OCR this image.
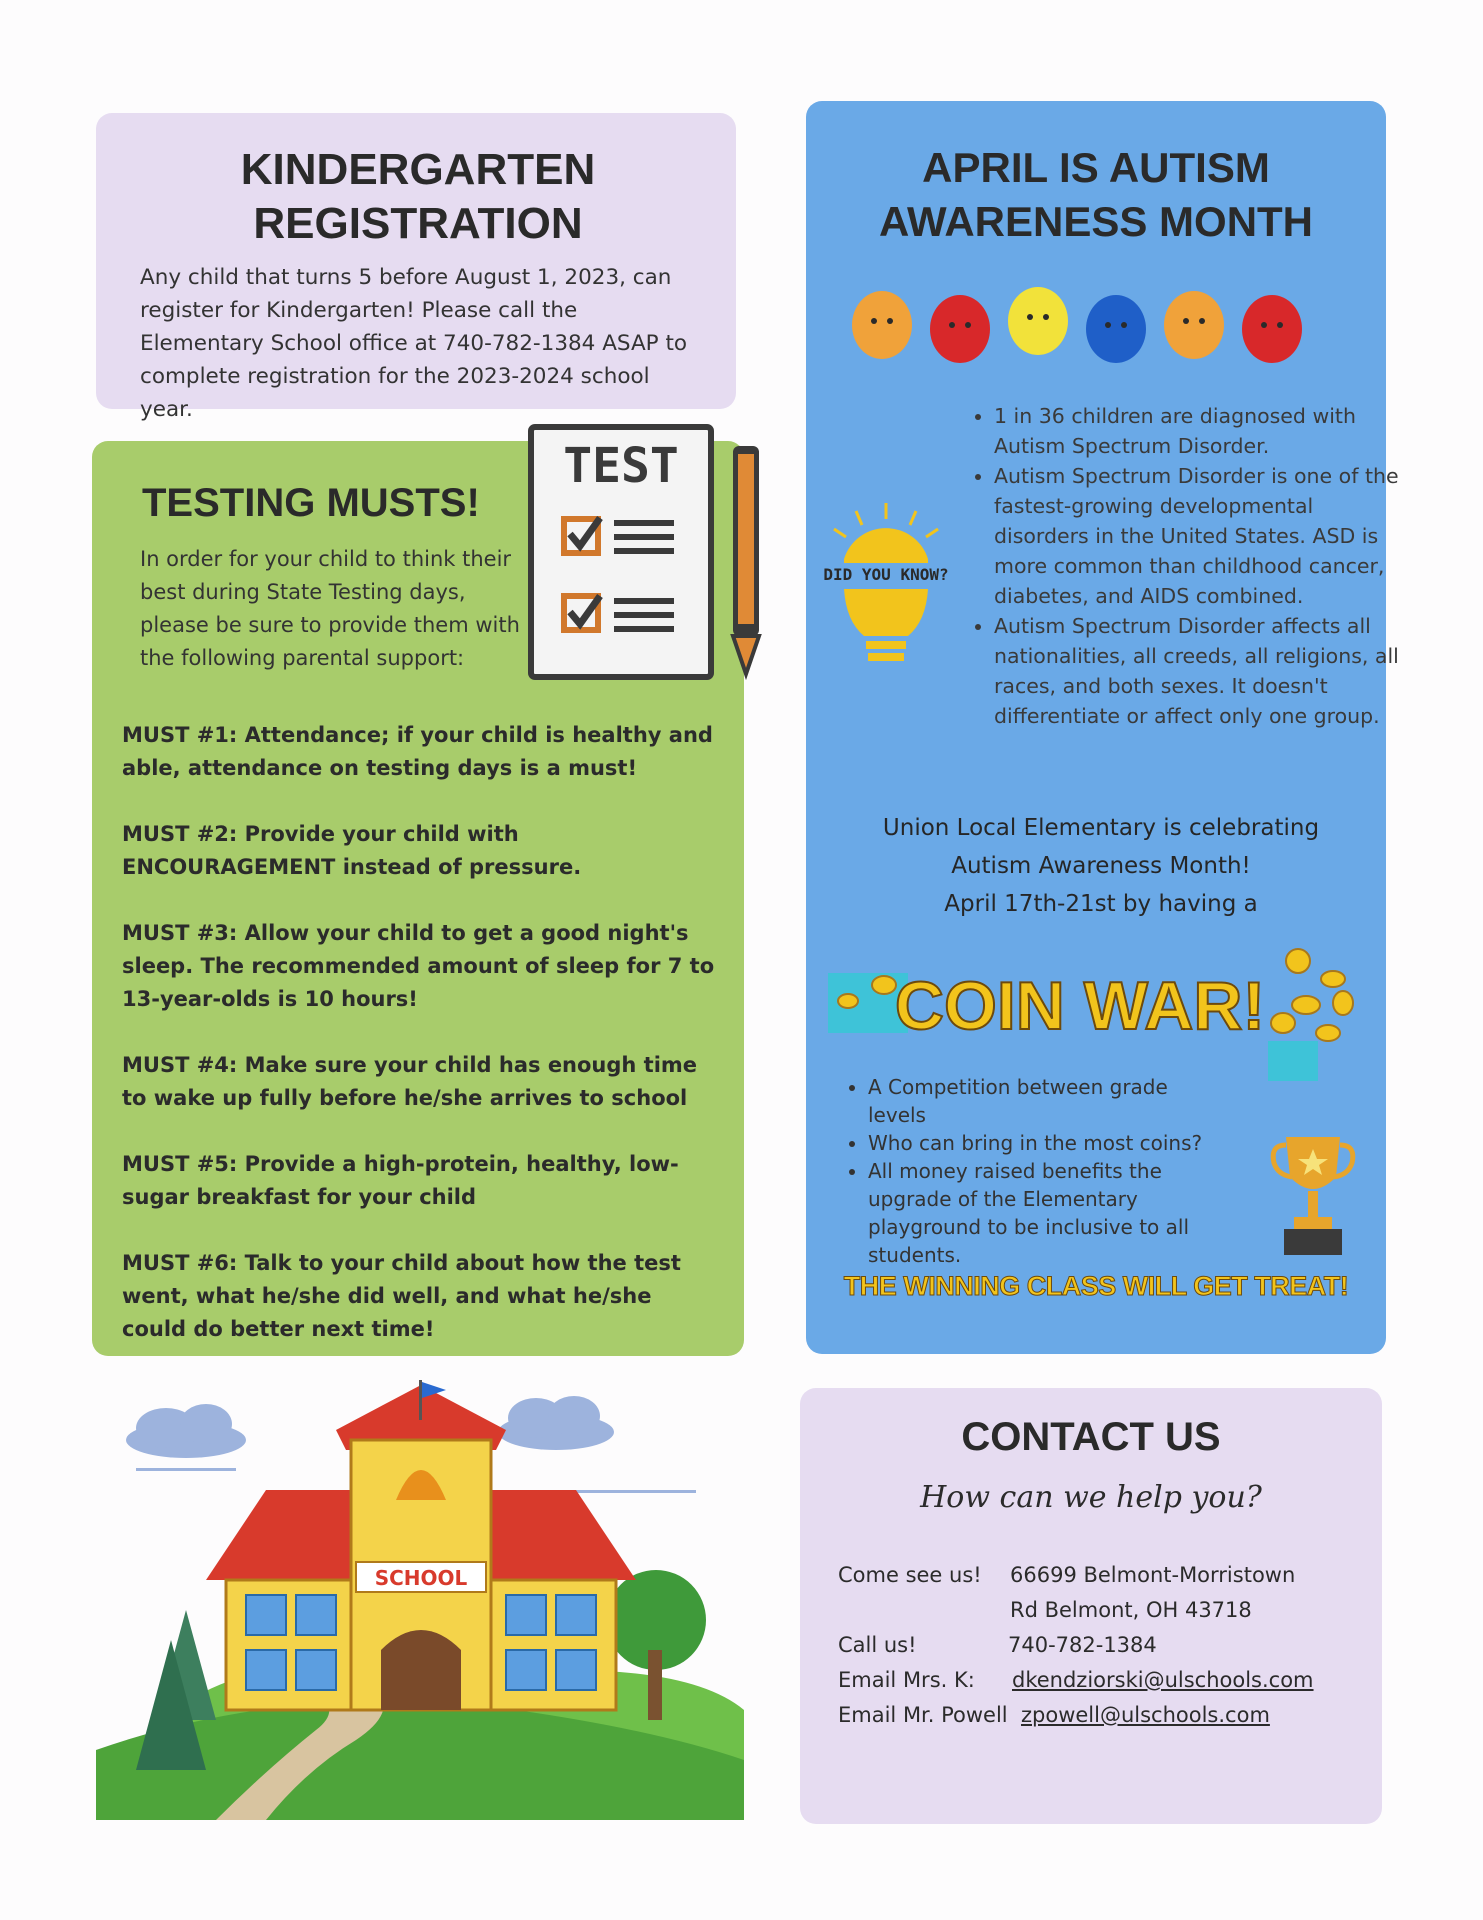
KINDERGARTEN REGISTRATION

Any child that turns 5 before August 1, 2023, can register for Kindergarten! Please call the Elementary School office at 740-782-1384 ASAP to complete registration for the 2023-2024 school year.

TESTING MUSTS!

In order for your child to think their best during State Testing days, please be sure to provide them with the following parental support:

MUST #1: Attendance; if your child is healthy and able, attendance on testing days is a must!

MUST #2: Provide your child with ENCOURAGEMENT instead of pressure.

MUST #3: Allow your child to get a good night's sleep. The recommended amount of sleep for 7 to 13-year-olds is 10 hours!

MUST #4: Make sure your child has enough time to wake up fully before he/she arrives to school

MUST #5: Provide a high-protein, healthy, low-sugar breakfast for your child

MUST #6: Talk to your child about how the test went, what he/she did well, and what he/she could do better next time!

TEST
APRIL IS AUTISM AWARENESS MONTH
DID YOU KNOW?
• 1 in 36 children are diagnosed with Autism Spectrum Disorder.
• Autism Spectrum Disorder is one of the fastest-growing developmental disorders in the United States. ASD is more common than childhood cancer, diabetes, and AIDS combined.
• Autism Spectrum Disorder affects all nationalities, all creeds, all religions, all races, and both sexes. It doesn't differentiate or affect only one group.
Union Local Elementary is celebrating
Autism Awareness Month!
April 17th-21st by having a
COIN WAR!
• A Competition between grade levels
• Who can bring in the most coins?
• All money raised benefits the upgrade of the Elementary playground to be inclusive to all students.

THE WINNING CLASS WILL GET TREAT!

SCHOOL
CONTACT US

How can we help you?

Come see us! 66699 Belmont-Morristown
Rd Belmont, OH 43718
Call us!	740-782-1384
Email Mrs. K: dkendziorski@ulschools.com
Email Mr. Powell zpowell@ulschools.com
